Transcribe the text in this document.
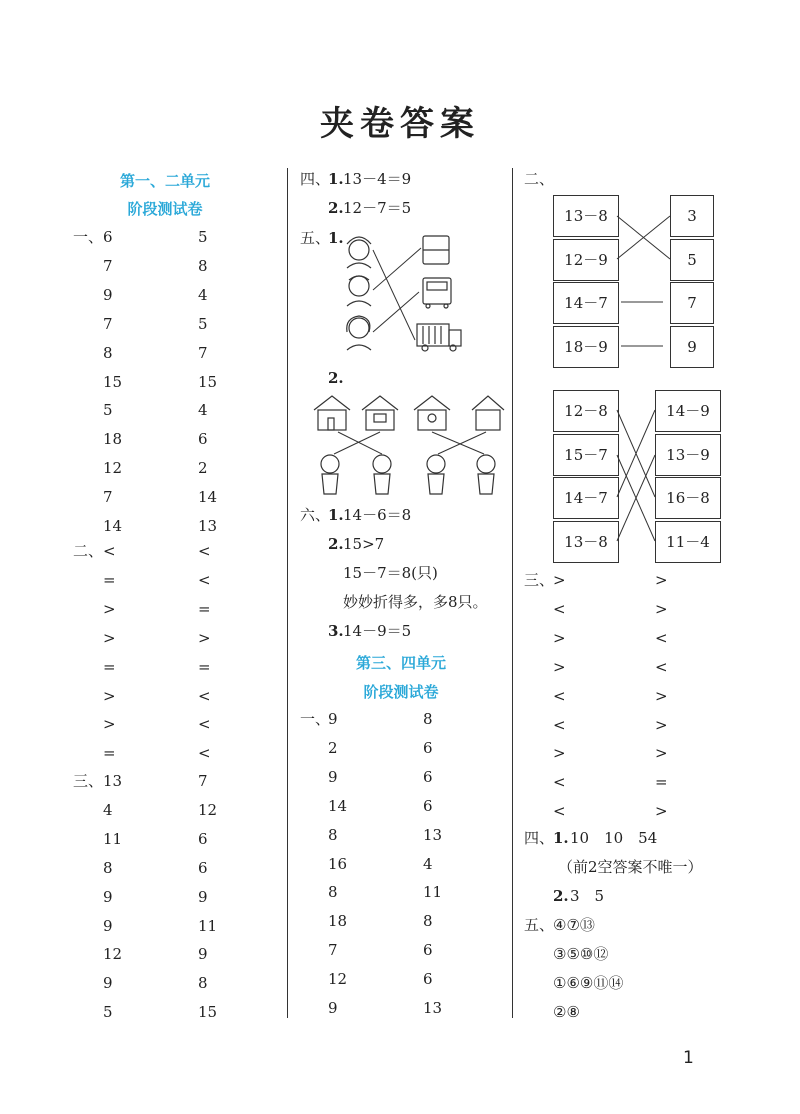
夹卷答案
第一、二单元
阶段测试卷
一、 6
7
9
7
8
15
5
18
12
7
14
5
8
4
5
7
15
4
6
2
14
13
二、 <
=
>
>
=
>
>
=
<
<
=
>
=
<
<
<
三、 13
4
11
8
9
9
12
9
5
7
12
6
6
9
11
9
8
15
四、
1. 13－4＝9
2. 12－7＝5
五、
1.
2.
六、
1. 14－6＝8
2. 15>7
15－7＝8(只)
妙妙折得多，多8只。
3. 14－9＝5
第三、四单元
阶段测试卷
一、
9
2
9
14
8
16
8
18
7
12
9
8
6
6
6
13
4
11
8
6
6
13
二、
13－8
12－9
14－7
18－9
3
5
7
9
12－8
15－7
14－7
13－8
14－9
13－9
16－8
11－4
三、
>
<
>
>
<
<
>
<
<
>
>
<
<
>
>
>
=
>
四、
1. 10　10　54
（前2空答案不唯一）
2. 3　5
五、
④⑦⑬
③⑤⑩⑫
①⑥⑨⑪⑭
②⑧
1
